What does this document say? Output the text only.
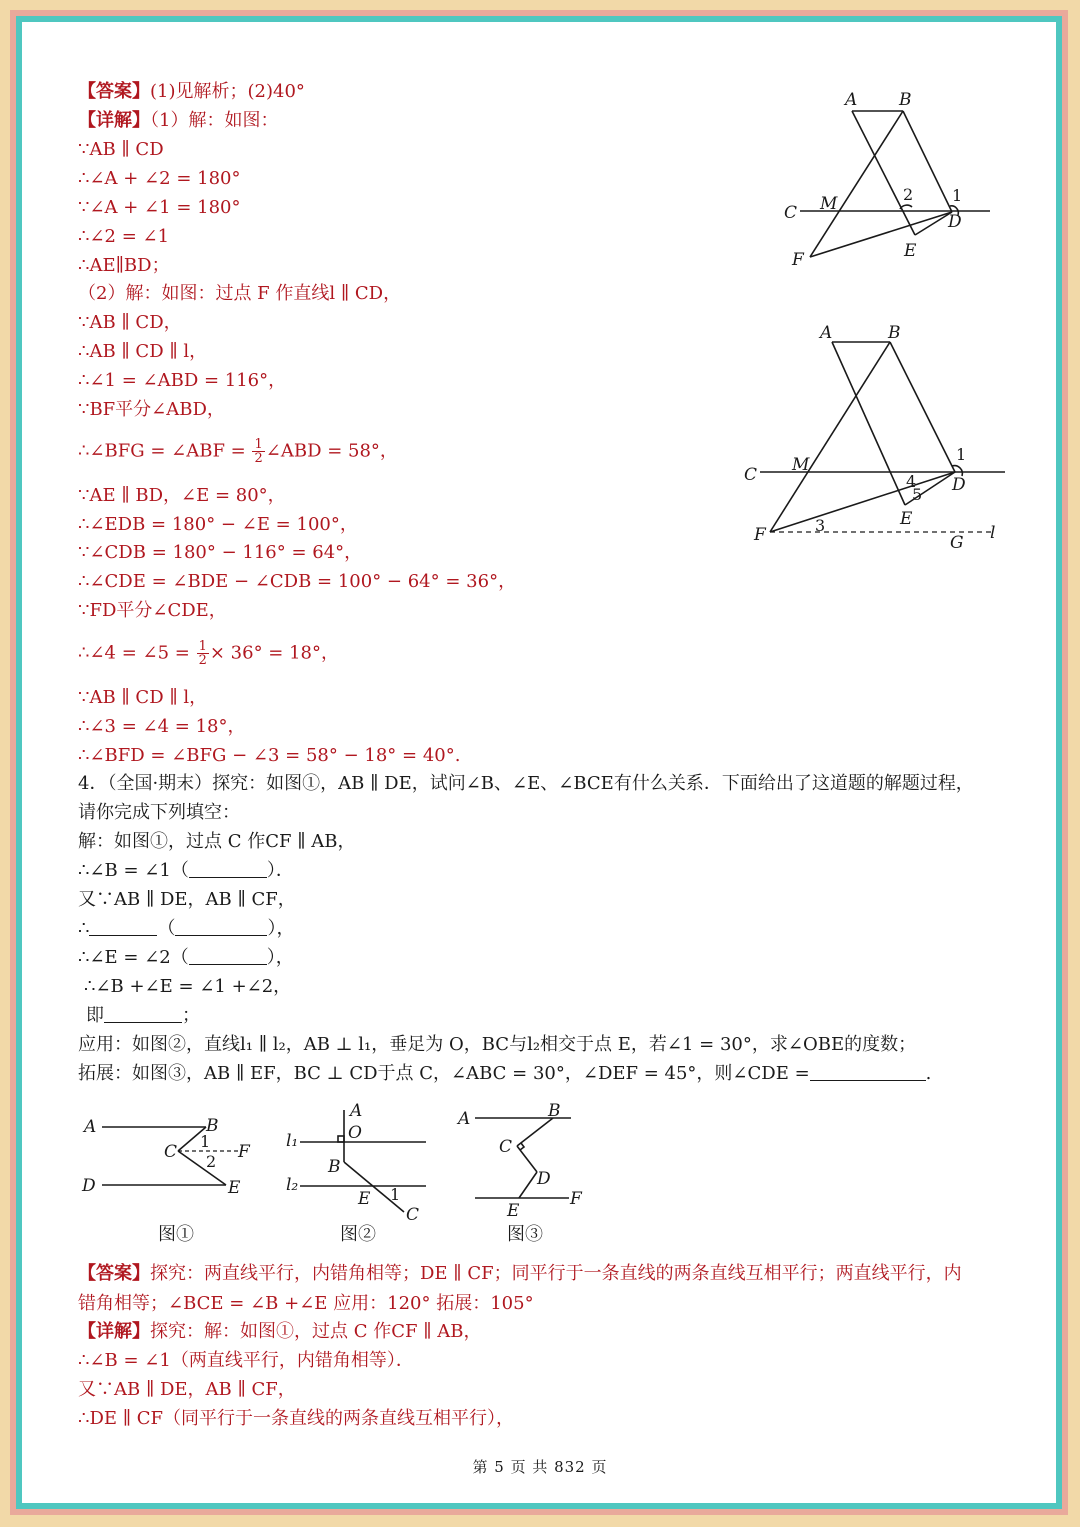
【答案】(1)见解析；(2)40°
【详解】（1）解：如图：
∵AB ∥ CD
∴∠A + ∠2 = 180°
∵∠A + ∠1 = 180°
∴∠2 = ∠1
∴AE∥BD；
（2）解：如图：过点 F 作直线l ∥ CD，
∵AB ∥ CD，
∴AB ∥ CD ∥ l，
∴∠1 = ∠ABD = 116°，
∵BF平分∠ABD，
∴∠BFG = ∠ABF = $\frac{1}{2}$ ∠ABD = 58°，
∵AE ∥ BD，∠E = 80°，
∴∠EDB = 180° − ∠E = 100°，
∵∠CDB = 180° − 116° = 64°，
∴∠CDE = ∠BDE − ∠CDB = 100° − 64° = 36°，
∵FD平分∠CDE，
∴∠4 = ∠5 = $\frac{1}{2} \times 36^\circ = 18^\circ$，
∵AB ∥ CD ∥ l，
∴∠3 = ∠4 = 18°，
∴∠BFD = ∠BFG − ∠3 = 58° − 18° = 40°.
A B
C M
D
E
F
1
2
A	B
C M
D
E
F	G l
1
3
4
5
4．（全国·期末）探究：如图①，AB ∥ DE，试问∠B、∠E、∠BCE有什么关系．下面给出了这道题的解题过程，
请你完成下列填空：
解：如图①，过点 C 作CF ∥ AB，
∴∠B = ∠1（	）．
又∵AB ∥ DE，AB ∥ CF，
∴	（	），
∴∠E = ∠2（	），
∴∠B +∠E = ∠1 +∠2，
即	；
应用：如图②，直线l₁ ∥ l₂，AB ⊥ l₁，垂足为 O，BC与l₂相交于点 E，若∠1 = 30°，求∠OBE的度数；
拓展：如图③，AB ∥ EF，BC ⊥ CD于点 C，∠ABC = 30°，∠DEF = 45°，则∠CDE =	.
A	B
C
D	E
F
1
2
图①
A
O
B
E
C
l₁
l₂	1
图②
A	B
C
D
E
F
图③
【答案】探究：两直线平行，内错角相等；DE ∥ CF；同平行于一条直线的两条直线互相平行；两直线平行，内
错角相等；∠BCE = ∠B +∠E 应用：120° 拓展：105°
【详解】探究：解：如图①，过点 C 作CF ∥ AB，
∴∠B = ∠1（两直线平行，内错角相等）．
又∵AB ∥ DE，AB ∥ CF，
∴DE ∥ CF（同平行于一条直线的两条直线互相平行），
第 5 页 共 832 页
